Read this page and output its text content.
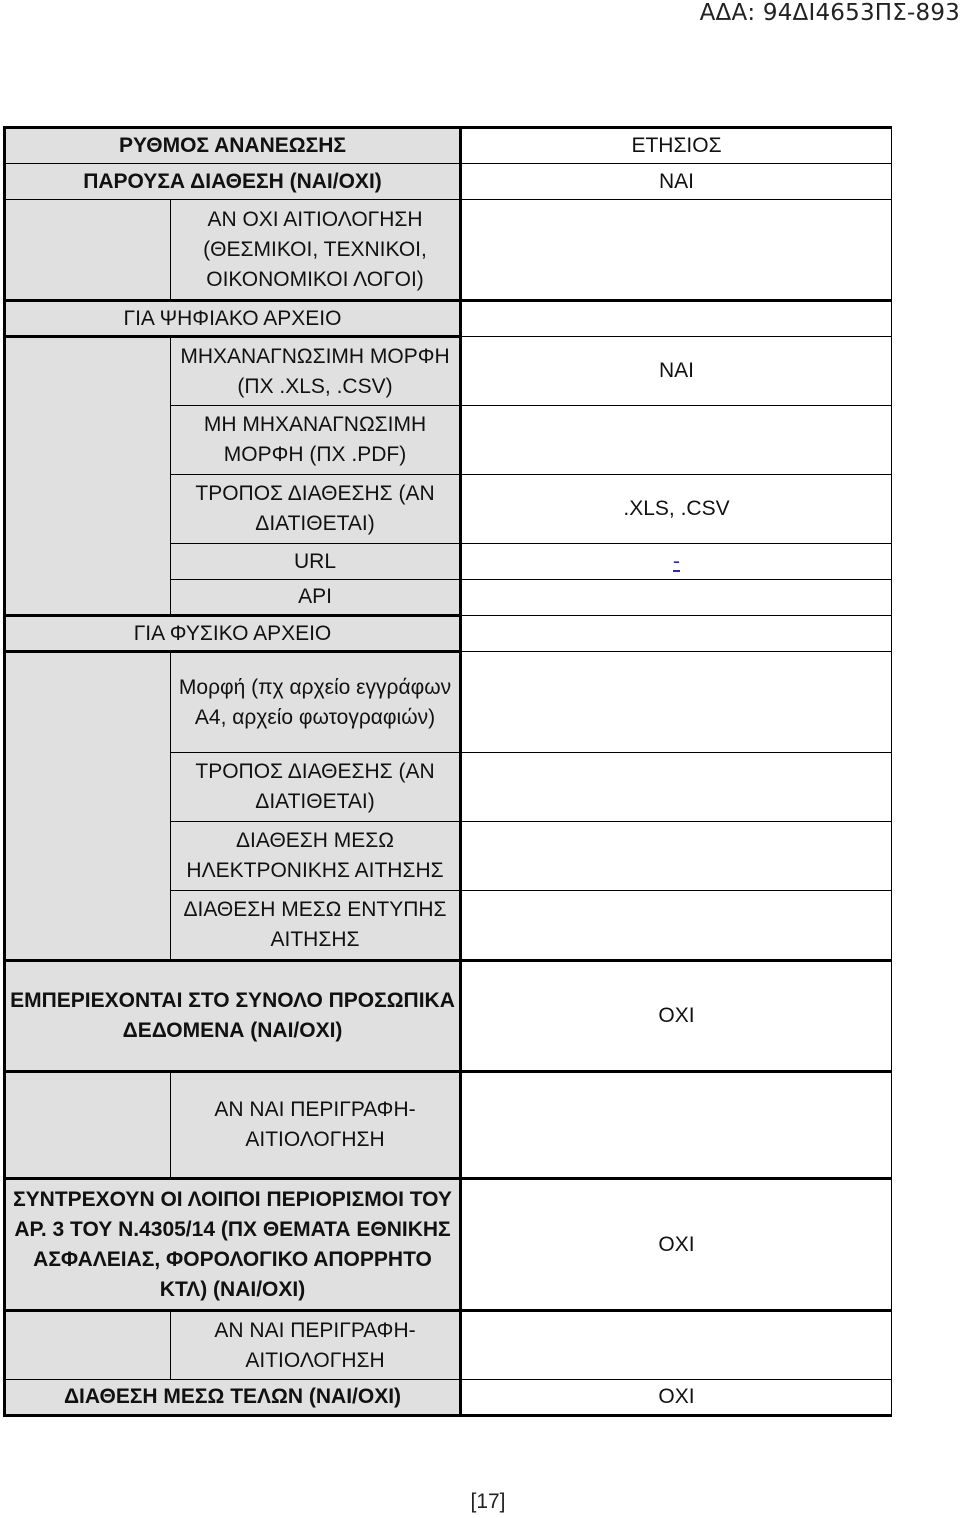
ΑΔΑ: 94ΔΙ4653ΠΣ-893
ΡΥΘΜΟΣ ΑΝΑΝΕΩΣΗΣ		ΕΤΗΣΙΟΣ
ΠΑΡΟΥΣΑ ΔΙΑΘΕΣΗ (ΝΑΙ/ΟΧΙ)		ΝΑΙ
	ΑΝ ΟΧΙ ΑΙΤΙΟΛΟΓΗΣΗ (ΘΕΣΜΙΚΟΙ, ΤΕΧΝΙΚΟΙ, ΟΙΚΟΝΟΜΙΚΟΙ ΛΟΓΟΙ)	
ΓΙΑ ΨΗΦΙΑΚΟ ΑΡΧΕΙΟ		
	ΜΗΧΑΝΑΓΝΩΣΙΜΗ ΜΟΡΦΗ (ΠΧ .XLS, .CSV)	ΝΑΙ
	ΜΗ ΜΗΧΑΝΑΓΝΩΣΙΜΗ ΜΟΡΦΗ (ΠΧ .PDF)	
	ΤΡΟΠΟΣ ΔΙΑΘΕΣΗΣ (ΑΝ ΔΙΑΤΙΘΕΤΑΙ)	.XLS, .CSV
	URL	-
	API	
ΓΙΑ ΦΥΣΙΚΟ ΑΡΧΕΙΟ		
	Μορφή (πχ αρχείο εγγράφων Α4, αρχείο φωτογραφιών)	
	ΤΡΟΠΟΣ ΔΙΑΘΕΣΗΣ (ΑΝ ΔΙΑΤΙΘΕΤΑΙ)	
	ΔΙΑΘΕΣΗ ΜΕΣΩ ΗΛΕΚΤΡΟΝΙΚΗΣ ΑΙΤΗΣΗΣ	
	ΔΙΑΘΕΣΗ ΜΕΣΩ ΕΝΤΥΠΗΣ ΑΙΤΗΣΗΣ	
ΕΜΠΕΡΙΕΧΟΝΤΑΙ ΣΤΟ ΣΥΝΟΛΟ ΠΡΟΣΩΠΙΚΑ ΔΕΔΟΜΕΝΑ (ΝΑΙ/ΟΧΙ)		ΟΧΙ
	ΑΝ ΝΑΙ ΠΕΡΙΓΡΑΦΗ-ΑΙΤΙΟΛΟΓΗΣΗ	
ΣΥΝΤΡΕΧΟΥΝ ΟΙ ΛΟΙΠΟΙ ΠΕΡΙΟΡΙΣΜΟΙ ΤΟΥ ΑΡ. 3 ΤΟΥ Ν.4305/14 (ΠΧ ΘΕΜΑΤΑ ΕΘΝΙΚΗΣ ΑΣΦΑΛΕΙΑΣ, ΦΟΡΟΛΟΓΙΚΟ ΑΠΟΡΡΗΤΟ ΚΤΛ) (ΝΑΙ/ΟΧΙ)		ΟΧΙ
	ΑΝ ΝΑΙ ΠΕΡΙΓΡΑΦΗ-ΑΙΤΙΟΛΟΓΗΣΗ	
ΔΙΑΘΕΣΗ ΜΕΣΩ ΤΕΛΩΝ (ΝΑΙ/ΟΧΙ)		ΟΧΙ
[17]
